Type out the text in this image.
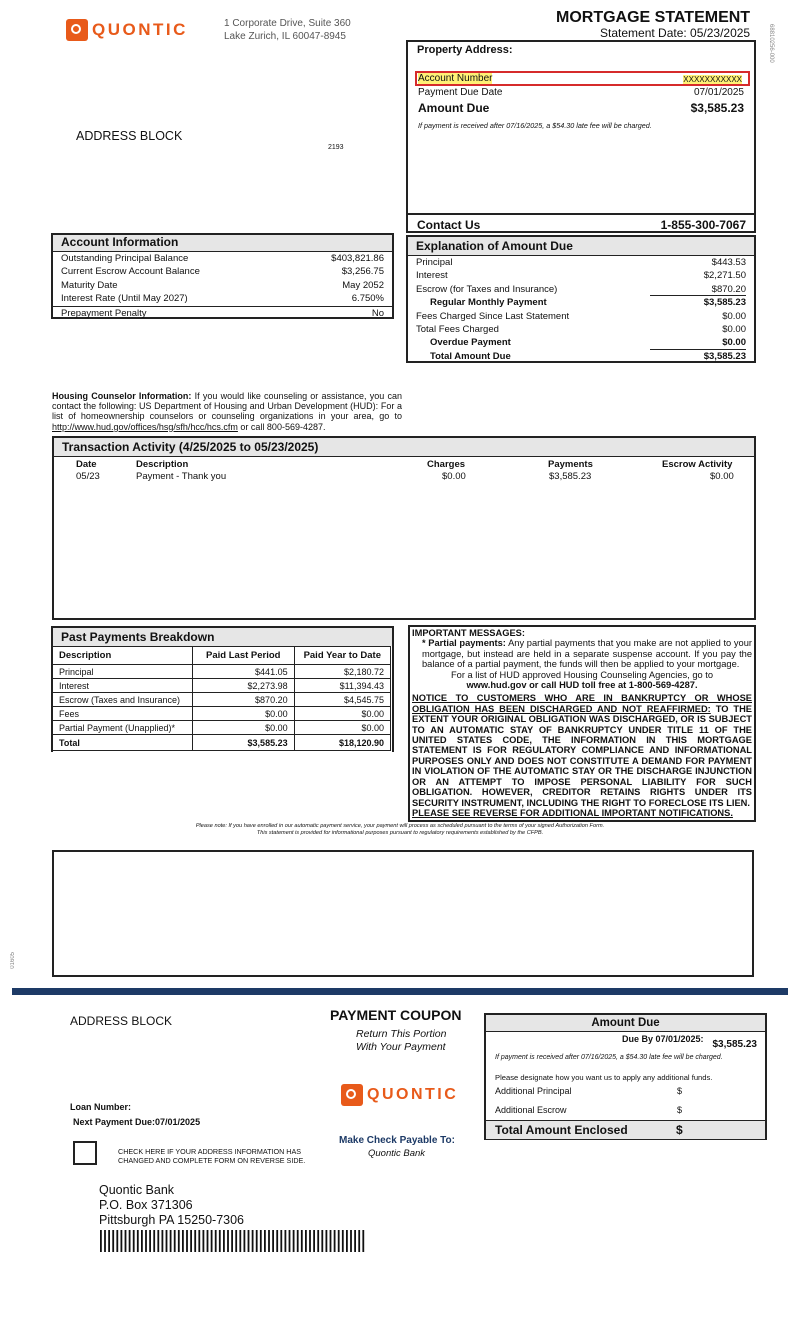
QUONTIC	1 Corporate Drive, Suite 360
Lake Zurich, IL 60047-8945
MORTGAGE STATEMENT
Statement Date: 05/23/2025	68810256-000
01605
ADDRESS BLOCK
2193
Property Address:
Account Number	XXXXXXXXXXX
Payment Due Date	07/01/2025
Amount Due	$3,585.23
If payment is received after 07/16/2025, a $54.30 late fee will be charged.
Contact Us	1-855-300-7067
Account Information
Outstanding Principal Balance	$403,821.86
Current Escrow Account Balance	$3,256.75
Maturity Date	May 2052
Interest Rate (Until May 2027)	6.750%
Prepayment Penalty	No
Explanation of Amount Due
Principal	$443.53
Interest	$2,271.50
Escrow (for Taxes and Insurance)	$870.20
Regular Monthly Payment	$3,585.23
Fees Charged Since Last Statement	$0.00
Total Fees Charged	$0.00
Overdue Payment	$0.00
Total Amount Due	$3,585.23
Housing Counselor Information: If you would like counseling or assistance, you can contact the following: US Department of Housing and Urban Development (HUD): For a list of homeownership counselors or counseling organizations in your area, go to http://www.hud.gov/offices/hsg/sfh/hcc/hcs.cfm or call 800-569-4287.
Transaction Activity (4/25/2025 to 05/23/2025)
Date	Description	Charges	Payments	Escrow Activity
05/23	Payment - Thank you	$0.00	$3,585.23	$0.00
Past Payments Breakdown
Description	Paid Last Period	Paid Year to Date
Principal	$441.05	$2,180.72
Interest	$2,273.98	$11,394.43
Escrow (Taxes and Insurance)	$870.20	$4,545.75
Fees	$0.00	$0.00
Partial Payment (Unapplied)*	$0.00	$0.00
Total	$3,585.23	$18,120.90
IMPORTANT MESSAGES:
* Partial payments: Any partial payments that you make are not applied to your mortgage, but instead are held in a separate suspense account. If you pay the balance of a partial payment, the funds will then be applied to your mortgage.
For a list of HUD approved Housing Counseling Agencies, go to
www.hud.gov or call HUD toll free at 1-800-569-4287.
NOTICE TO CUSTOMERS WHO ARE IN BANKRUPTCY OR WHOSE OBLIGATION HAS BEEN DISCHARGED AND NOT REAFFIRMED: TO THE EXTENT YOUR ORIGINAL OBLIGATION WAS DISCHARGED, OR IS SUBJECT TO AN AUTOMATIC STAY OF BANKRUPTCY UNDER TITLE 11 OF THE UNITED STATES CODE, THE INFORMATION IN THIS MORTGAGE STATEMENT IS FOR REGULATORY COMPLIANCE AND INFORMATIONAL PURPOSES ONLY AND DOES NOT CONSTITUTE A DEMAND FOR PAYMENT IN VIOLATION OF THE AUTOMATIC STAY OR THE DISCHARGE INJUNCTION OR AN ATTEMPT TO IMPOSE PERSONAL LIABILITY FOR SUCH OBLIGATION. HOWEVER, CREDITOR RETAINS RIGHTS UNDER ITS SECURITY INSTRUMENT, INCLUDING THE RIGHT TO FORECLOSE ITS LIEN.
PLEASE SEE REVERSE FOR ADDITIONAL IMPORTANT NOTIFICATIONS.
Please note: If you have enrolled in our automatic payment service, your payment will process as scheduled pursuant to the terms of your signed Authorization Form.
This statement is provided for informational purposes pursuant to regulatory requirements established by the CFPB.
ADDRESS BLOCK	PAYMENT COUPON
Return This Portion
With Your Payment
QUONTIC
Loan Number:
Next Payment Due:07/01/2025
CHECK HERE IF YOUR ADDRESS INFORMATION HAS
CHANGED AND COMPLETE FORM ON REVERSE SIDE.
Make Check Payable To:
Quontic Bank
Amount Due
Due By 07/01/2025: $3,585.23
If payment is received after 07/16/2025, a $54.30 late fee will be charged.
Please designate how you want us to apply any additional funds.
Additional Principal	$
Additional Escrow	$
Total Amount Enclosed	$
Quontic Bank
P.O. Box 371306
Pittsburgh PA 15250-7306
